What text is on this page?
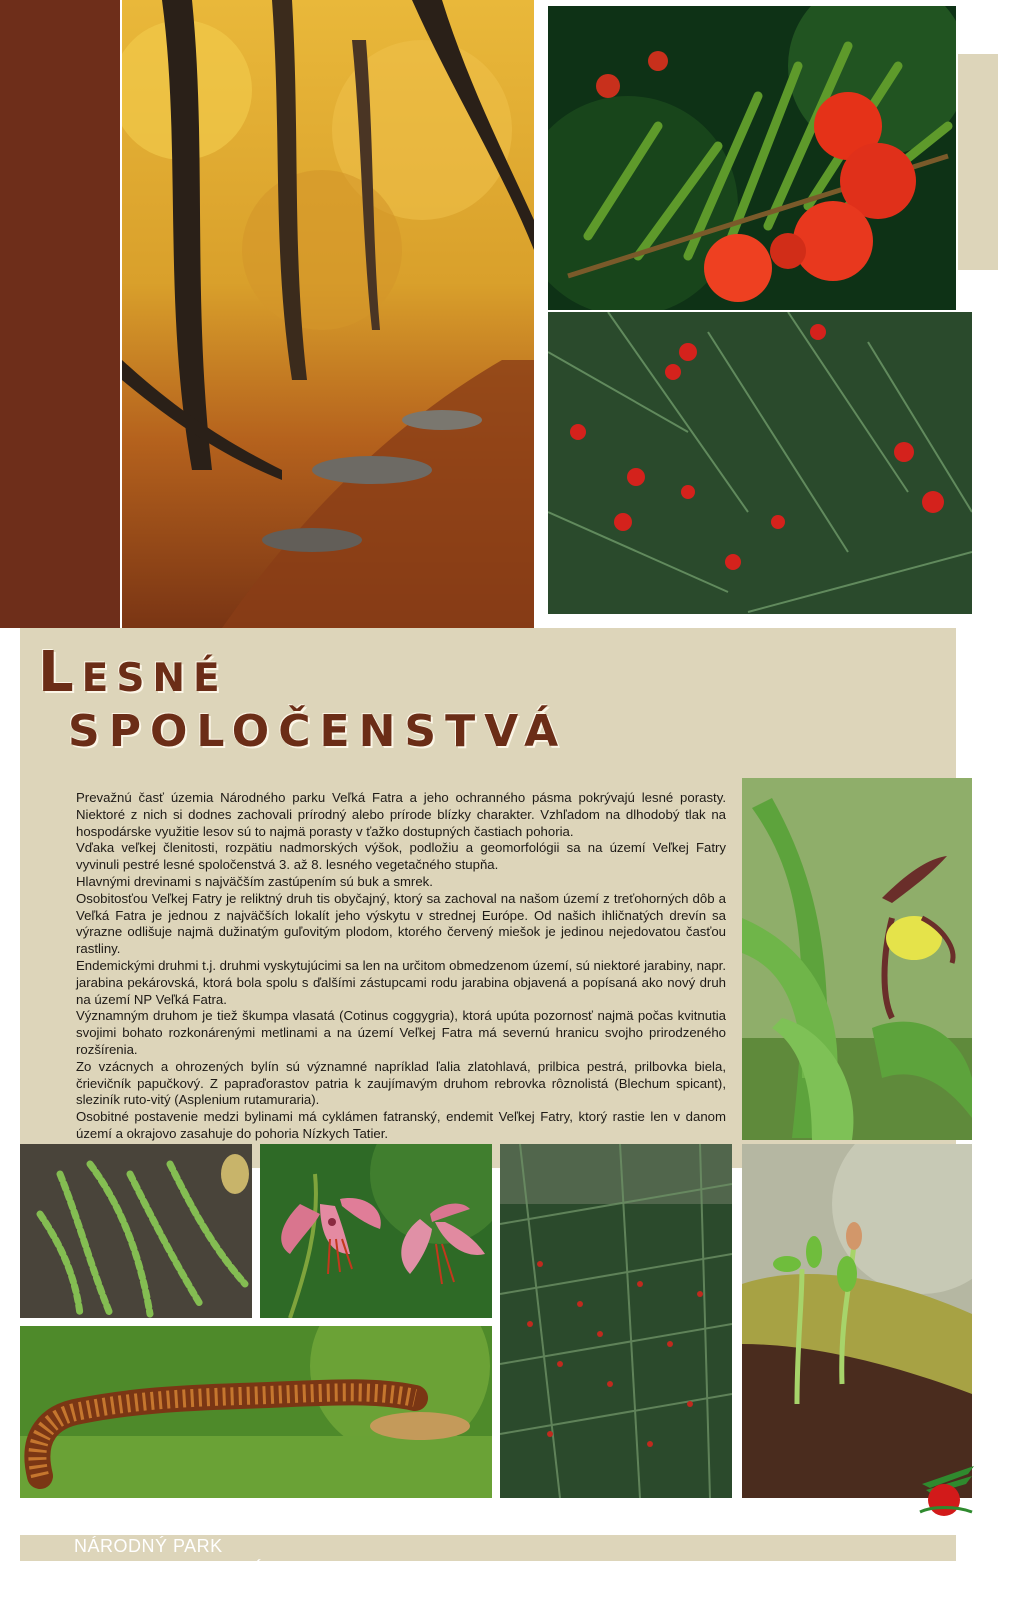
Lesné
SPOLOČENSTVÁ

Prevažnú časť územia Národného parku Veľká Fatra a jeho ochranného pásma pokrývajú lesné porasty. Niektoré z nich si dodnes zachovali prírodný alebo prírode blízky charakter. Vzhľadom na dlhodobý tlak na hospodárske využitie lesov sú to najmä porasty v ťažko dostupných častiach pohoria.

Vďaka veľkej členitosti, rozpätiu nadmorských výšok, podložiu a geomorfológii sa na území Veľkej Fatry vyvinuli pestré lesné spoločenstvá 3. až 8. lesného vegetačného stupňa.

Hlavnými drevinami s najväčším zastúpením sú buk a smrek.

Osobitosťou Veľkej Fatry je reliktný druh tis obyčajný, ktorý sa zachoval na našom území z treťohorných dôb a Veľká Fatra je jednou z najväčších lokalít jeho výskytu v strednej Európe. Od našich ihličnatých drevín sa výrazne odlišuje najmä dužinatým guľovitým plodom, ktorého červený miešok je jedinou nejedovatou časťou rastliny.

Endemickými druhmi t.j. druhmi vyskytujúcimi sa len na určitom obmedzenom území, sú niektoré jarabiny, napr. jarabina pekárovská, ktorá bola spolu s ďalšími zástupcami rodu jarabina objavená a popísaná ako nový druh na území NP Veľká Fatra.

Významným druhom je tiež škumpa vlasatá (Cotinus coggygria), ktorá upúta pozornosť najmä počas kvitnutia svojimi bohato rozkonárenými metlinami a na území Veľkej Fatra má severnú hranicu svojho prirodzeného rozšírenia.

Zo vzácnych a ohrozených bylín sú významné napríklad ľalia zlatohlavá, prilbica pestrá, prilbovka biela, črievičník papučkový. Z papraďorastov patria k zaujímavým druhom rebrovka rôznolistá (Blechum spicant), sleziník ruto-vitý (Asplenium rutamuraria).

Osobitné postavenie medzi bylinami má cyklámen fatranský, endemit Veľkej Fatry, ktorý rastie len v danom území a okrajovo zasahuje do pohoria Nízkych Tatier.

NÁRODNÝ PARK
VEĽKÁ FATRA
